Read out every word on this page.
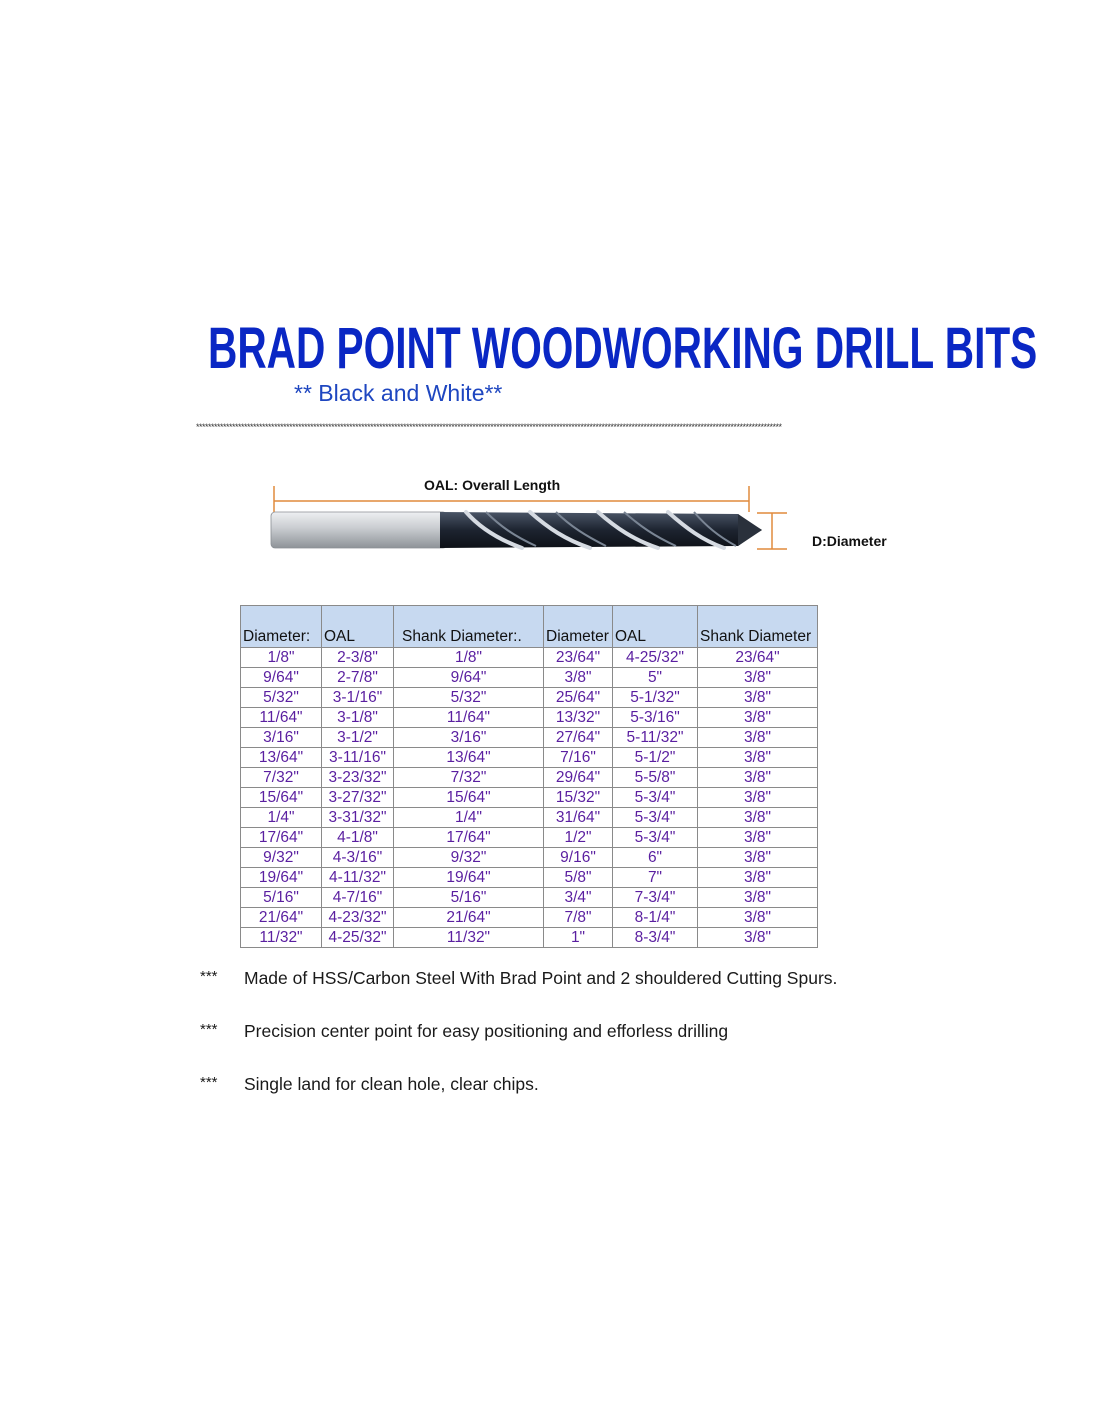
BRAD POINT WOODWORKING DRILL BITS
** Black and White**
***************************************************************************************************************************************************************************************************
OAL: Overall Length
D:Diameter
Diameter:	OAL	Shank Diameter:.	Diameter	OAL	Shank Diameter
1/8"	2-3/8"	1/8"	23/64"	4-25/32"	23/64"
9/64"	2-7/8"	9/64"	3/8"	5"	3/8"
5/32"	3-1/16"	5/32"	25/64"	5-1/32"	3/8"
11/64"	3-1/8"	11/64"	13/32"	5-3/16"	3/8"
3/16"	3-1/2"	3/16"	27/64"	5-11/32"	3/8"
13/64"	3-11/16"	13/64"	7/16"	5-1/2"	3/8"
7/32"	3-23/32"	7/32"	29/64"	5-5/8"	3/8"
15/64"	3-27/32"	15/64"	15/32"	5-3/4"	3/8"
1/4"	3-31/32"	1/4"	31/64"	5-3/4"	3/8"
17/64"	4-1/8"	17/64"	1/2"	5-3/4"	3/8"
9/32"	4-3/16"	9/32"	9/16"	6"	3/8"
19/64"	4-11/32"	19/64"	5/8"	7"	3/8"
5/16"	4-7/16"	5/16"	3/4"	7-3/4"	3/8"
21/64"	4-23/32"	21/64"	7/8"	8-1/4"	3/8"
11/32"	4-25/32"	11/32"	1"	8-3/4"	3/8"
*** Made of HSS/Carbon Steel With Brad Point and 2 shouldered Cutting Spurs.
*** Precision center point for easy positioning and efforless drilling
*** Single land for clean hole, clear chips.
